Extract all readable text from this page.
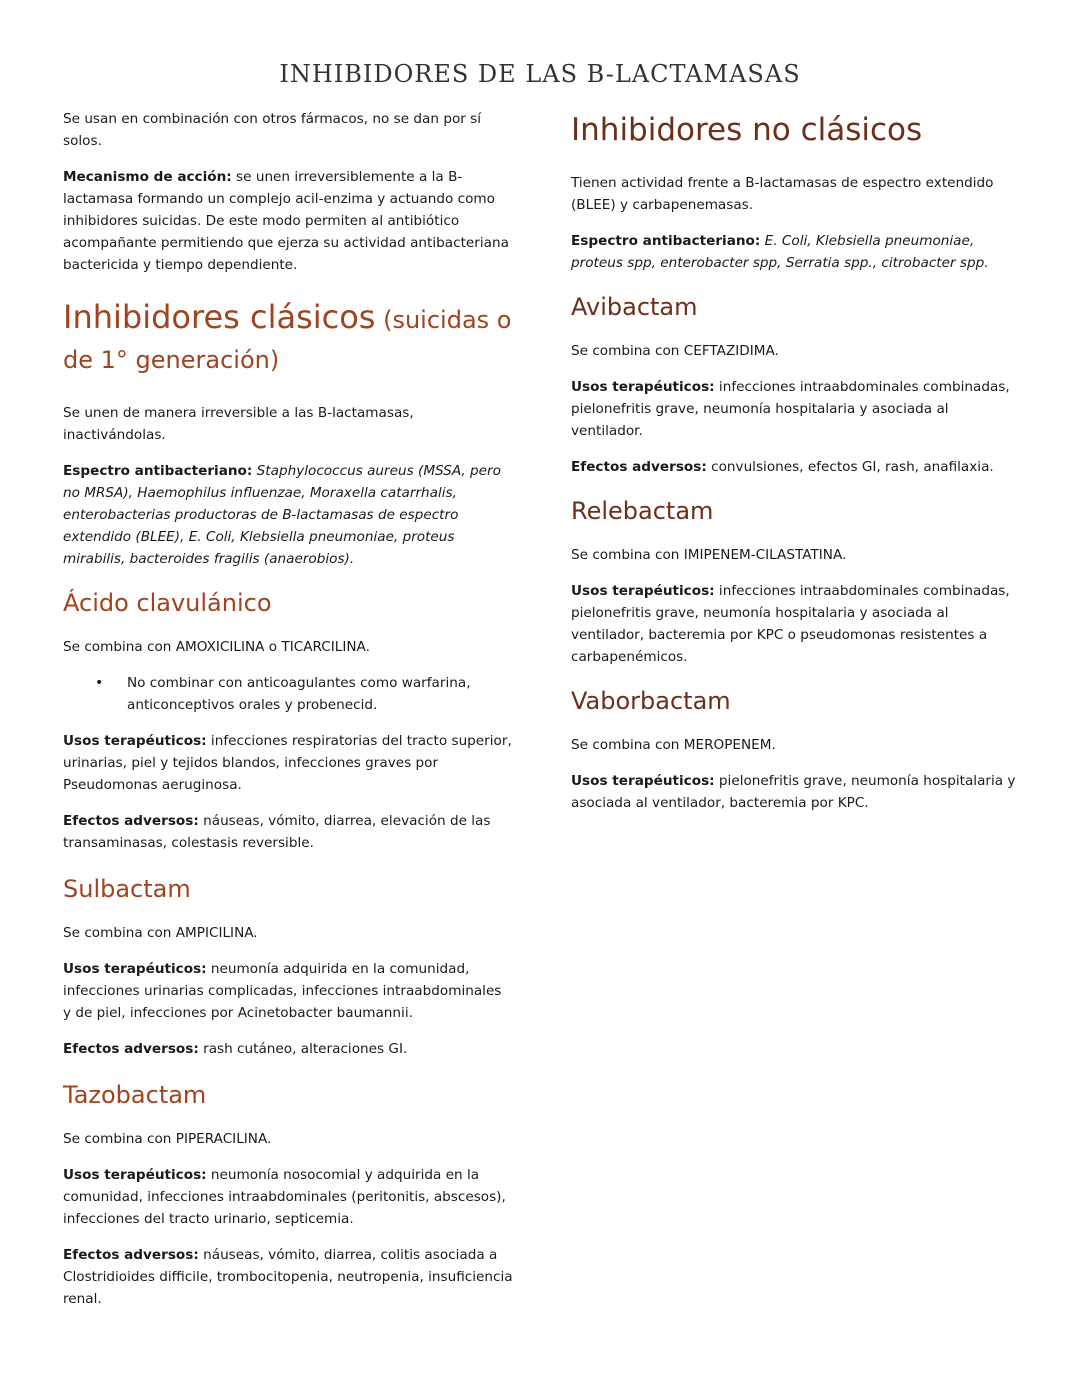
INHIBIDORES DE LAS B-LACTAMASAS

Se usan en combinación con otros fármacos, no se dan por sí solos.

Mecanismo de acción: se unen irreversiblemente a la B-lactamasa formando un complejo acil-enzima y actuando como inhibidores suicidas. De este modo permiten al antibiótico acompañante permitiendo que ejerza su actividad antibacteriana bactericida y tiempo dependiente.

Inhibidores clásicos (suicidas o
de 1° generación)

Se unen de manera irreversible a las B-lactamasas, inactivándolas.

Espectro antibacteriano: Staphylococcus aureus (MSSA, pero no MRSA), Haemophilus influenzae, Moraxella catarrhalis, enterobacterias productoras de B-lactamasas de espectro extendido (BLEE), E. Coli, Klebsiella pneumoniae, proteus mirabilis, bacteroides fragilis (anaerobios).

Ácido clavulánico

Se combina con AMOXICILINA o TICARCILINA.

• No combinar con anticoagulantes como warfarina, anticonceptivos orales y probenecid.

Usos terapéuticos: infecciones respiratorias del tracto superior, urinarias, piel y tejidos blandos, infecciones graves por Pseudomonas aeruginosa.

Efectos adversos: náuseas, vómito, diarrea, elevación de las transaminasas, colestasis reversible.

Sulbactam

Se combina con AMPICILINA.

Usos terapéuticos: neumonía adquirida en la comunidad, infecciones urinarias complicadas, infecciones intraabdominales y de piel, infecciones por Acinetobacter baumannii.

Efectos adversos: rash cutáneo, alteraciones GI.

Tazobactam

Se combina con PIPERACILINA.

Usos terapéuticos: neumonía nosocomial y adquirida en la comunidad, infecciones intraabdominales (peritonitis, abscesos), infecciones del tracto urinario, septicemia.

Efectos adversos: náuseas, vómito, diarrea, colitis asociada a Clostridioides difficile, trombocitopenia, neutropenia, insuficiencia renal.

Inhibidores no clásicos

Tienen actividad frente a B-lactamasas de espectro extendido (BLEE) y carbapenemasas.

Espectro antibacteriano: E. Coli, Klebsiella pneumoniae, proteus spp, enterobacter spp, Serratia spp., citrobacter spp.

Avibactam

Se combina con CEFTAZIDIMA.

Usos terapéuticos: infecciones intraabdominales combinadas, pielonefritis grave, neumonía hospitalaria y asociada al ventilador.

Efectos adversos: convulsiones, efectos GI, rash, anafilaxia.

Relebactam

Se combina con IMIPENEM-CILASTATINA.

Usos terapéuticos: infecciones intraabdominales combinadas, pielonefritis grave, neumonía hospitalaria y asociada al ventilador, bacteremia por KPC o pseudomonas resistentes a carbapenémicos.

Vaborbactam

Se combina con MEROPENEM.

Usos terapéuticos: pielonefritis grave, neumonía hospitalaria y asociada al ventilador, bacteremia por KPC.
